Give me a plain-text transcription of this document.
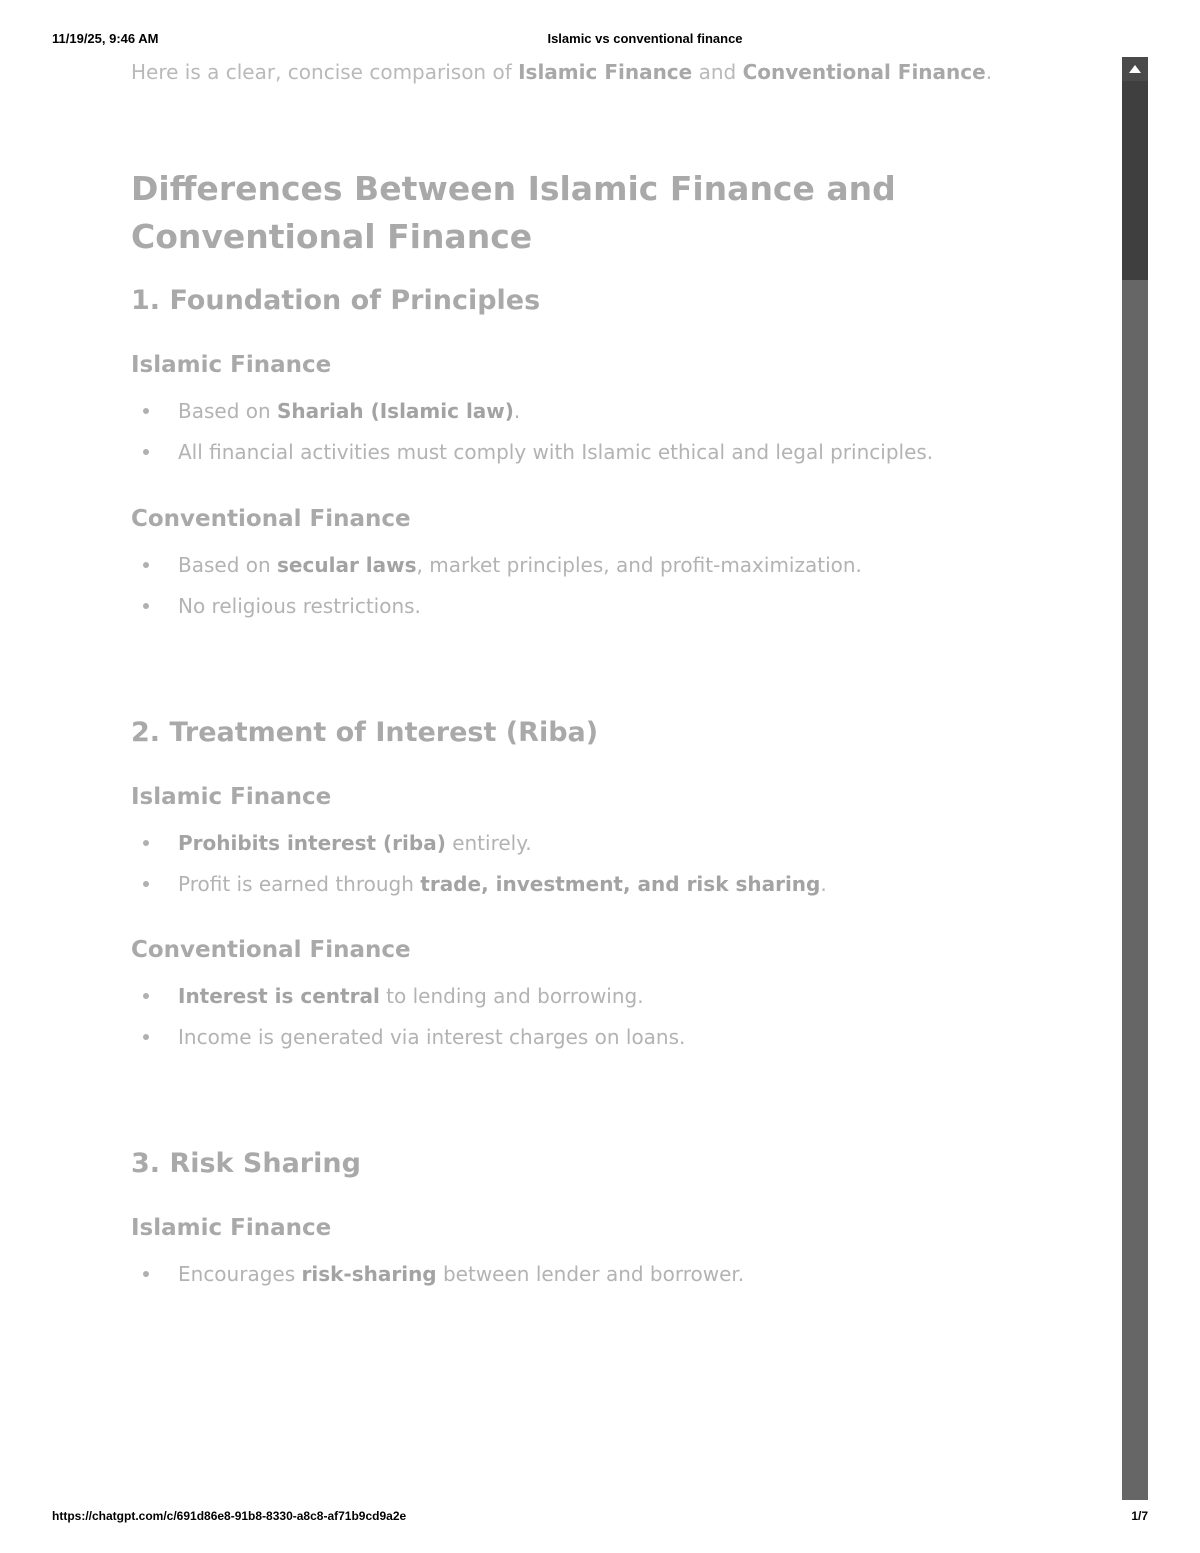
11/19/25, 9:46 AM	Islamic vs conventional finance

Here is a clear, concise comparison of Islamic Finance and Conventional Finance.

Differences Between Islamic Finance and Conventional Finance
1. Foundation of Principles
Islamic Finance
Based on Shariah (Islamic law).
All financial activities must comply with Islamic ethical and legal principles.
Conventional Finance
Based on secular laws, market principles, and profit-maximization.
No religious restrictions.
2. Treatment of Interest (Riba)
Islamic Finance
Prohibits interest (riba) entirely.
Profit is earned through trade, investment, and risk sharing.
Conventional Finance
Interest is central to lending and borrowing.
Income is generated via interest charges on loans.
3. Risk Sharing
Islamic Finance
Encourages risk-sharing between lender and borrower.
https://chatgpt.com/c/691d86e8-91b8-8330-a8c8-af71b9cd9a2e	1/7
